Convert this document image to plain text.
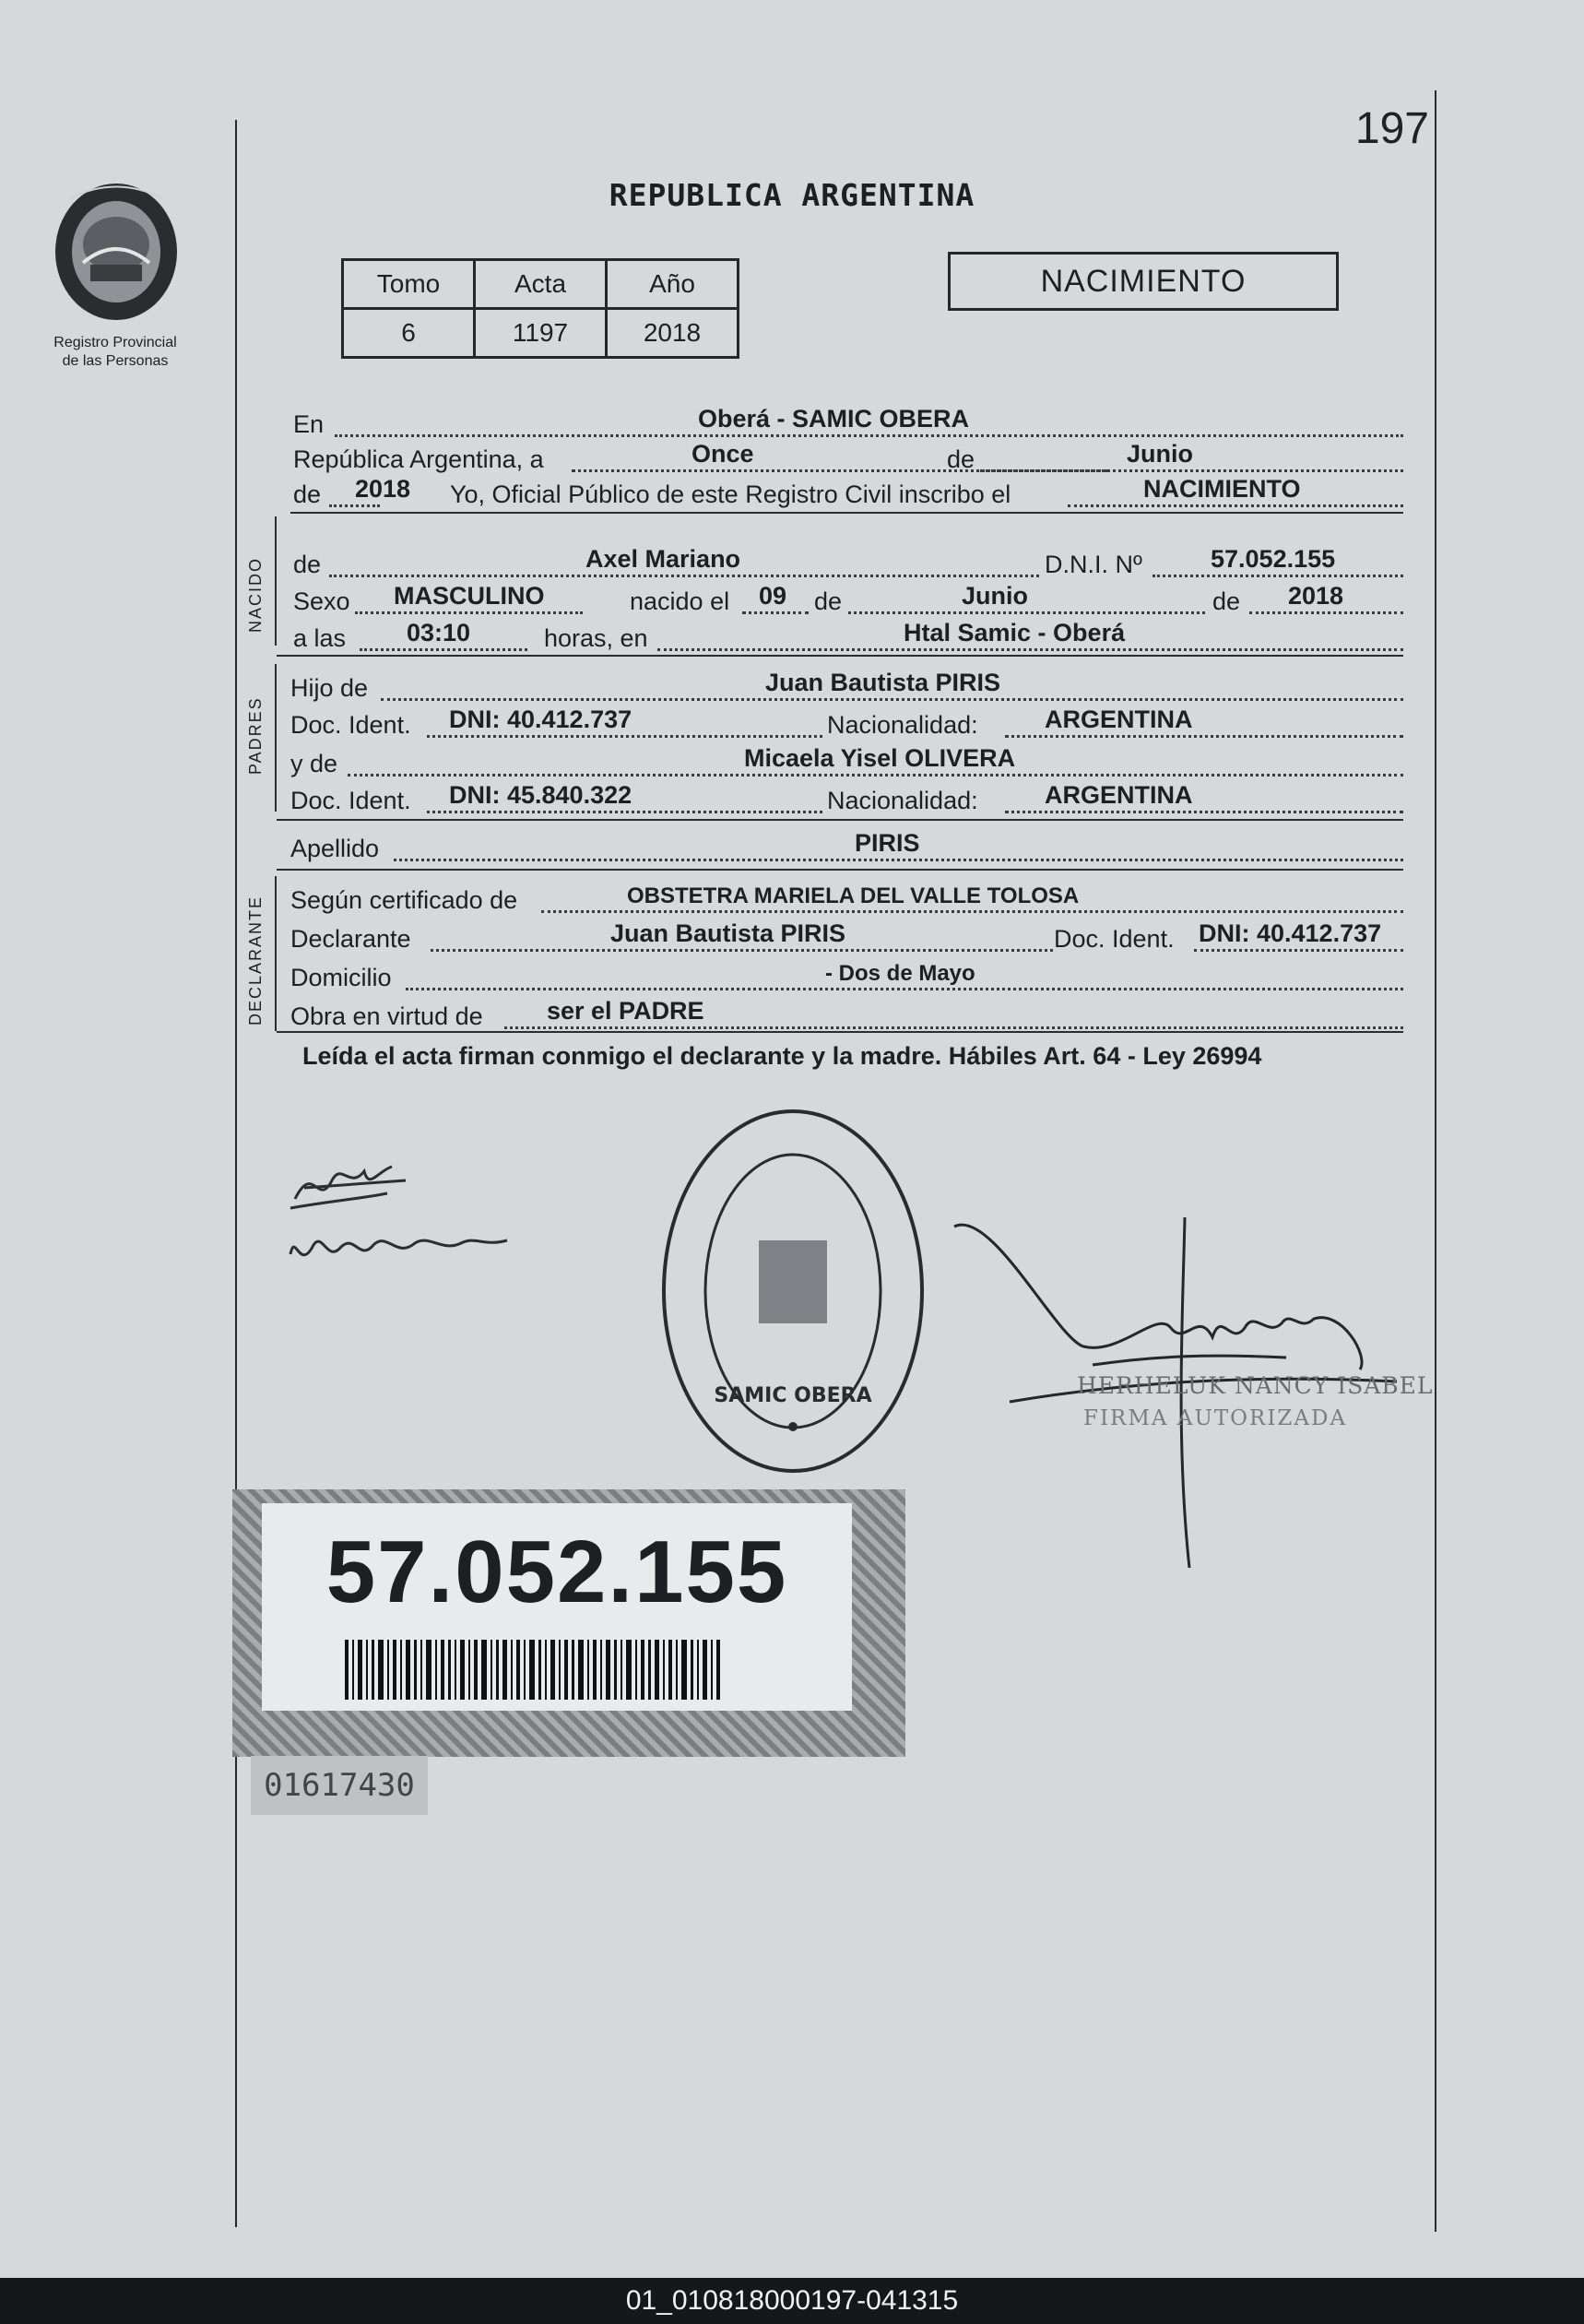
197
Registro Provincial
de las Personas
REPUBLICA ARGENTINA
Tomo	Acta	Año
6	1197	2018
NACIMIENTO
En	Oberá - SAMIC OBERA
República Argentina, a	Once	de	Junio
de 2018 Yo, Oficial Público de este Registro Civil inscribo el	NACIMIENTO
NACIDO de	Axel Mariano	D.N.I. Nº	57.052.155
Sexo MASCULINO	nacido el 09 de	Junio	de 2018
a las 03:10	horas, en	Htal Samic - Oberá
PADRES
Hijo de	Juan Bautista PIRIS
Doc. Ident. DNI: 40.412.737	Nacionalidad:	ARGENTINA
y de	Micaela Yisel OLIVERA
Doc. Ident. DNI: 45.840.322	Nacionalidad:	ARGENTINA
Apellido	PIRIS
DECLARANTE Según certificado de	OBSTETRA MARIELA DEL VALLE TOLOSA
Declarante	Juan Bautista PIRIS	Doc. Ident. DNI: 40.412.737
Domicilio	- Dos de Mayo
Obra en virtud de	ser el PADRE
Leída el acta firman conmigo el declarante y la madre. Hábiles Art. 64 - Ley 26994
SAMIC OBERA	HERHELUK NANCY ISABEL
FIRMA AUTORIZADA
57.052.155
01617430
01_010818000197-041315
